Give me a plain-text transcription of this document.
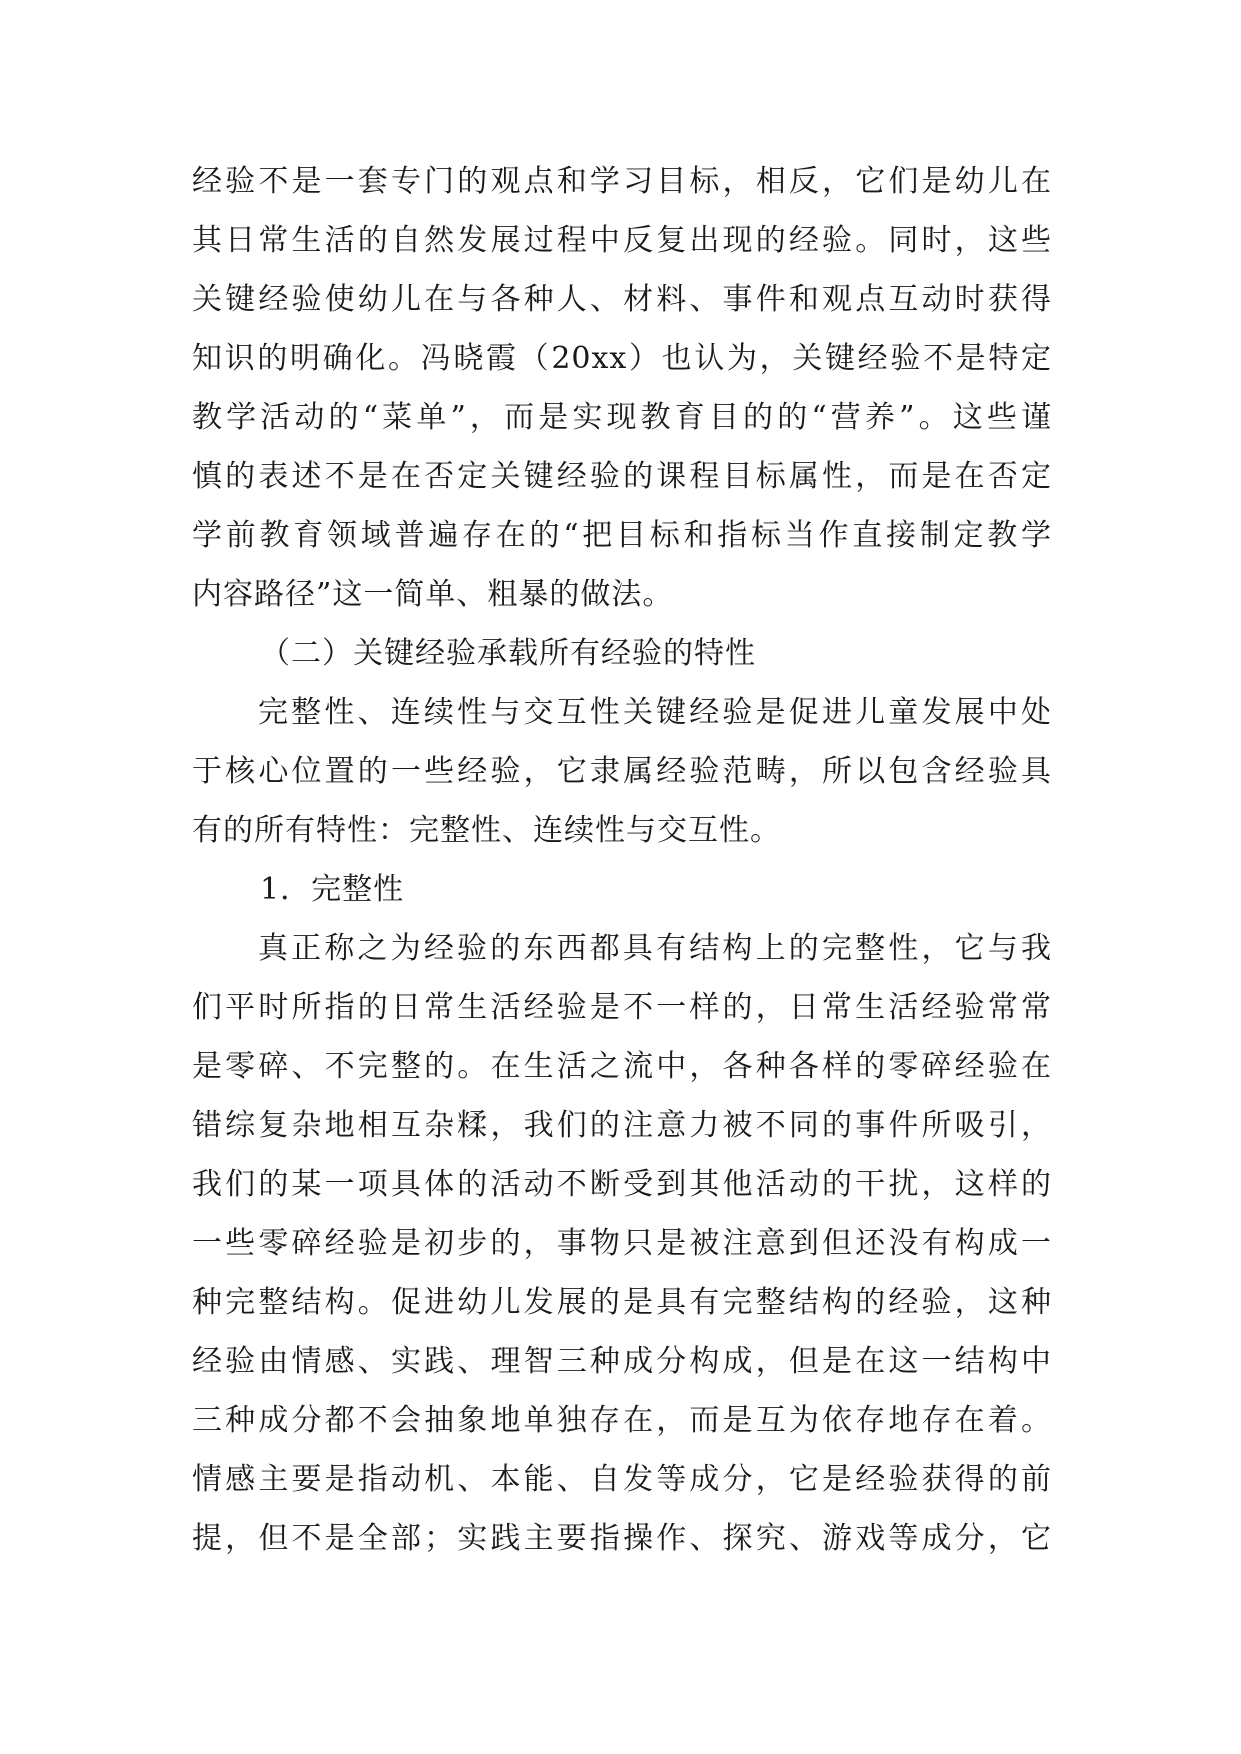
经验不是一套专门的观点和学习目标，相反，它们是幼儿在
其日常生活的自然发展过程中反复出现的经验。同时，这些
关键经验使幼儿在与各种人、材料、事件和观点互动时获得
知识的明确化。冯晓霞（20xx）也认为，关键经验不是特定
教学活动的“菜单”，而是实现教育目的的“营养”。这些谨
慎的表述不是在否定关键经验的课程目标属性，而是在否定
学前教育领域普遍存在的“把目标和指标当作直接制定教学
内容路径”这一简单、粗暴的做法。
（二）关键经验承载所有经验的特性
完整性、连续性与交互性关键经验是促进儿童发展中处
于核心位置的一些经验，它隶属经验范畴，所以包含经验具
有的所有特性：完整性、连续性与交互性。
1．完整性
真正称之为经验的东西都具有结构上的完整性，它与我
们平时所指的日常生活经验是不一样的，日常生活经验常常
是零碎、不完整的。在生活之流中，各种各样的零碎经验在
错综复杂地相互杂糅，我们的注意力被不同的事件所吸引，
我们的某一项具体的活动不断受到其他活动的干扰，这样的
一些零碎经验是初步的，事物只是被注意到但还没有构成一
种完整结构。促进幼儿发展的是具有完整结构的经验，这种
经验由情感、实践、理智三种成分构成，但是在这一结构中
三种成分都不会抽象地单独存在，而是互为依存地存在着。
情感主要是指动机、本能、自发等成分，它是经验获得的前
提，但不是全部；实践主要指操作、探究、游戏等成分，它
